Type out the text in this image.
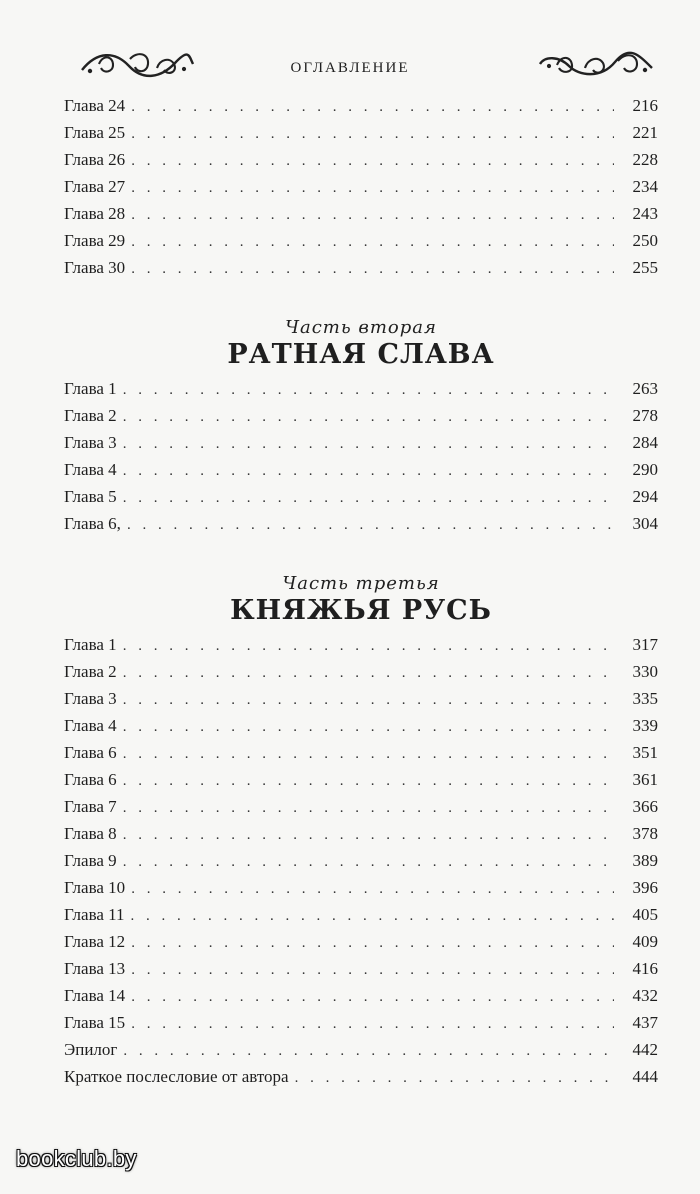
ОГЛАВЛЕНИЕ
Глава 24 . . .	216
Глава 25 . . .	221
Глава 26 . . .	228
Глава 27 . . .	234
Глава 28 . . .	243
Глава 29 . . .	250
Глава 30 . . .	255
Часть вторая
РАТНАЯ СЛАВА
Глава 1 . . .	263
Глава 2 . . .	278
Глава 3 . . .	284
Глава 4 . . .	290
Глава 5 . . .	294
Глава 6, . . .	304
Часть третья
КНЯЖЬЯ РУСЬ
Глава 1 . . .	317
Глава 2 . . .	330
Глава 3 . . .	335
Глава 4 . . .	339
Глава 6 . . .	351
Глава 6 . . .	361
Глава 7 . . .	366
Глава 8 . . .	378
Глава 9 . . .	389
Глава 10 . . .	396
Глава 11 . . .	405
Глава 12 . . .	409
Глава 13 . . .	416
Глава 14 . . .	432
Глава 15 . . .	437
Эпилог . . .	442
Краткое послесловие от автора . . .	444
bookclub.by
